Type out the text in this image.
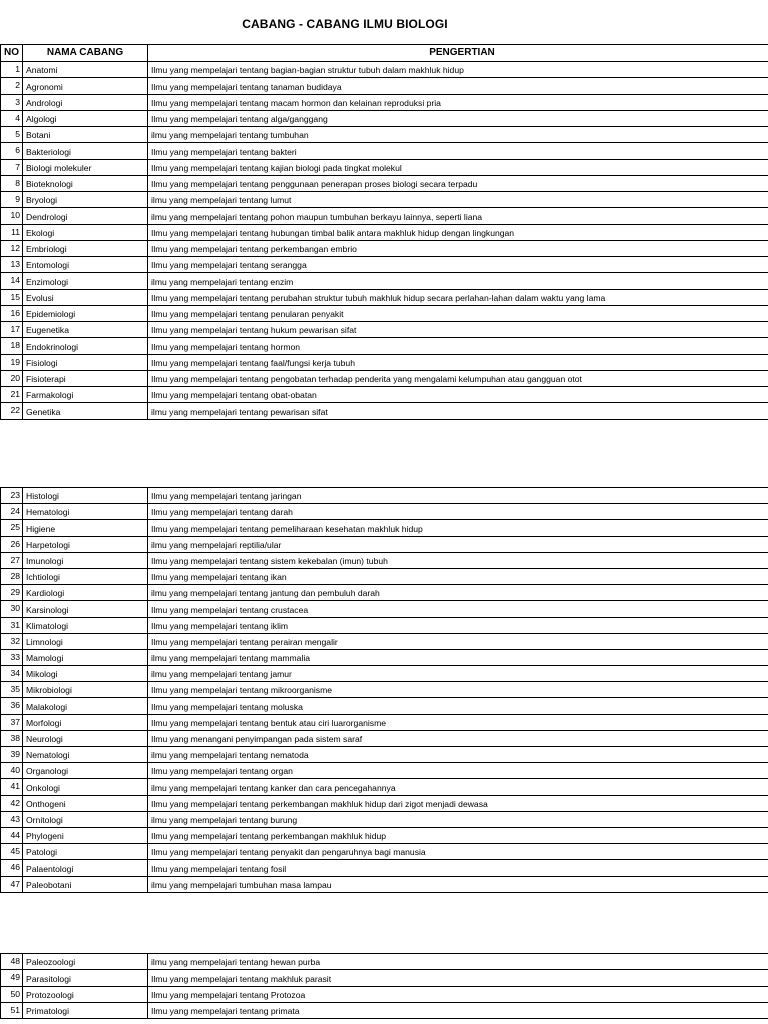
CABANG - CABANG ILMU BIOLOGI
NO	NAMA CABANG	PENGERTIAN
1	Anatomi	Ilmu yang mempelajari tentang bagian-bagian struktur tubuh dalam makhluk hidup
2	Agronomi	Ilmu yang mempelajari tentang tanaman budidaya
3	Andrologi	Ilmu yang mempelajari tentang macam hormon dan kelainan reproduksi pria
4	Algologi	Ilmu yang mempelajari tentang alga/ganggang
5	Botani	ilmu yang mempelajari tentang tumbuhan
6	Bakteriologi	Ilmu yang mempelajari tentang bakteri
7	Biologi molekuler	Ilmu yang mempelajari tentang kajian biologi pada tingkat molekul
8	Bioteknologi	Ilmu yang mempelajari tentang penggunaan penerapan proses biologi secara terpadu
9	Bryologi	ilmu yang mempelajari tentang lumut
10	Dendrologi	ilmu yang mempelajari tentang pohon maupun tumbuhan berkayu lainnya, seperti liana
11	Ekologi	Ilmu yang mempelajari tentang hubungan timbal balik antara makhluk hidup dengan lingkungan
12	Embriologi	Ilmu yang mempelajari tentang perkembangan embrio
13	Entomologi	Ilmu yang mempelajari tentang serangga
14	Enzimologi	ilmu yang mempelajari tentang enzim
15	Evolusi	Ilmu yang mempelajari tentang perubahan struktur tubuh makhluk hidup secara perlahan-lahan dalam waktu yang lama
16	Epidemiologi	Ilmu yang mempelajari tentang penularan penyakit
17	Eugenetika	Ilmu yang mempelajari tentang hukum pewarisan sifat
18	Endokrinologi	Ilmu yang mempelajari tentang hormon
19	Fisiologi	Ilmu yang mempelajari tentang faal/fungsi kerja tubuh
20	Fisioterapi	Ilmu yang mempelajari tentang pengobatan terhadap penderita yang mengalami kelumpuhan atau gangguan otot
21	Farmakologi	Ilmu yang mempelajari tentang obat-obatan
22	Genetika	ilmu yang mempelajari tentang pewarisan sifat
23	Histologi	Ilmu yang mempelajari tentang jaringan
24	Hematologi	Ilmu yang mempelajari tentang darah
25	Higiene	Ilmu yang mempelajari tentang pemeliharaan kesehatan makhluk hidup
26	Harpetologi	ilmu yang mempelajari reptilia/ular
27	Imunologi	Ilmu yang mempelajari tentang sistem kekebalan (imun) tubuh
28	Ichtiologi	Ilmu yang mempelajari tentang ikan
29	Kardiologi	ilmu yang mempelajari tentang jantung dan pembuluh darah
30	Karsinologi	Ilmu yang mempelajari tentang crustacea
31	Klimatologi	Ilmu yang mempelajari tentang iklim
32	Limnologi	Ilmu yang mempelajari tentang perairan mengalir
33	Mamologi	ilmu yang mempelajari tentang mammalia
34	Mikologi	ilmu yang mempelajari tentang jamur
35	Mikrobiologi	Ilmu yang mempelajari tentang mikroorganisme
36	Malakologi	Ilmu yang mempelajari tentang moluska
37	Morfologi	Ilmu yang mempelajari tentang bentuk atau ciri luarorganisme
38	Neurologi	Ilmu yang menangani penyimpangan pada sistem saraf
39	Nematologi	ilmu yang mempelajari tentang nematoda
40	Organologi	Ilmu yang mempelajari tentang organ
41	Onkologi	ilmu yang mempelajari tentang kanker dan cara pencegahannya
42	Onthogeni	Ilmu yang mempelajari tentang perkembangan makhluk hidup dari zigot menjadi dewasa
43	Ornitologi	ilmu yang mempelajari tentang burung
44	Phylogeni	Ilmu yang mempelajari tentang perkembangan makhluk hidup
45	Patologi	Ilmu yang mempelajari tentang penyakit dan pengaruhnya bagi manusia
46	Palaentologi	Ilmu yang mempelajari tentang fosil
47	Paleobotani	ilmu yang mempelajari tumbuhan masa lampau
48	Paleozoologi	ilmu yang mempelajari tentang hewan purba
49	Parasitologi	Ilmu yang mempelajari tentang makhluk parasit
50	Protozoologi	Ilmu yang mempelajari tentang Protozoa
51	Primatologi	Ilmu yang mempelajari tentang primata
